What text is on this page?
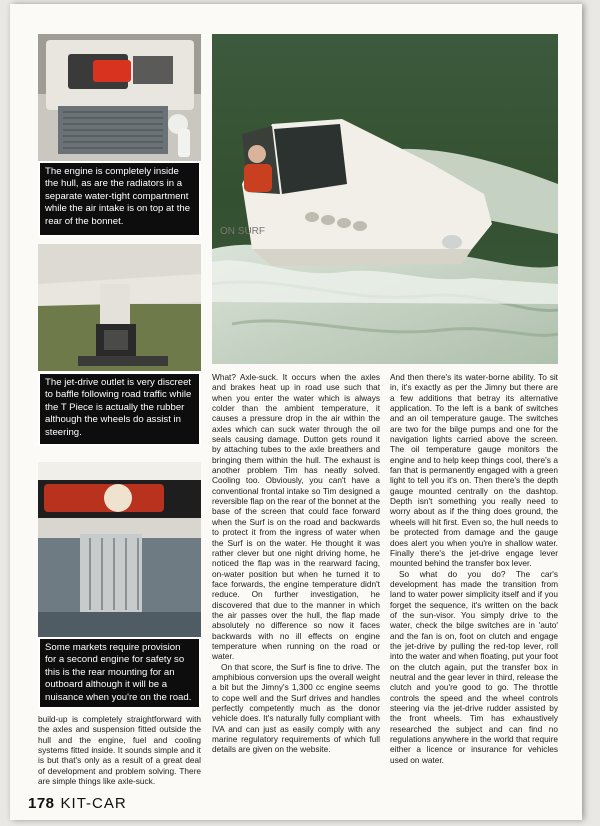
The engine is completely inside the hull, as are the radiators in a separate water-tight compartment while the air intake is on top at the rear of the bonnet.
The jet-drive outlet is very discreet to baffle following road traffic while the T Piece is actually the rubber although the wheels do assist in steering.
Some markets require provision for a second engine for safety so this is the rear mounting for an outboard although it will be a nuisance when you're on the road.
ON SURF

build-up is completely straightforward with the axles and suspension fitted outside the hull and the engine, fuel and cooling systems fitted inside. It sounds simple and it is but that's only as a result of a great deal of development and problem solving. There are simple things like axle-suck.

What? Axle-suck. It occurs when the axles and brakes heat up in road use such that when you enter the water which is always colder than the ambient temperature, it causes a pressure drop in the air within the axles which can suck water through the oil seals causing damage. Dutton gets round it by attaching tubes to the axle breathers and bringing them within the hull. The exhaust is another problem Tim has neatly solved. Cooling too. Obviously, you can't have a conventional frontal intake so Tim designed a reversible flap on the rear of the bonnet at the base of the screen that could face forward when the Surf is on the road and backwards to protect it from the ingress of water when the Surf is on the water. He thought it was rather clever but one night driving home, he noticed the flap was in the rearward facing, on-water position but when he turned it to face forwards, the engine temperature didn't reduce. On further investigation, he discovered that due to the manner in which the air passes over the hull, the flap made absolutely no difference so now it faces backwards with no ill effects on engine temperature when running on the road or water.

On that score, the Surf is fine to drive. The amphibious conversion ups the overall weight a bit but the Jimny's 1,300 cc engine seems to cope well and the Surf drives and handles perfectly competently much as the donor vehicle does. It's naturally fully compliant with IVA and can just as easily comply with any marine regulatory requirements of which full details are given on the website.

And then there's its water-borne ability. To sit in, it's exactly as per the Jimny but there are a few additions that betray its alternative application. To the left is a bank of switches and an oil temperature gauge. The switches are two for the bilge pumps and one for the navigation lights carried above the screen. The oil temperature gauge monitors the engine and to help keep things cool, there's a fan that is permanently engaged with a green light to tell you it's on. Then there's the depth gauge mounted centrally on the dashtop. Depth isn't something you really need to worry about as if the thing does ground, the wheels will hit first. Even so, the hull needs to be protected from damage and the gauge does alert you when you're in shallow water. Finally there's the jet-drive engage lever mounted behind the transfer box lever.

So what do you do? The car's development has made the transition from land to water power simplicity itself and if you forget the sequence, it's written on the back of the sun-visor. You simply drive to the water, check the bilge switches are in 'auto' and the fan is on, foot on clutch and engage the jet-drive by pulling the red-top lever, roll into the water and when floating, put your foot on the clutch again, put the transfer box in neutral and the gear lever in third, release the clutch and you're good to go. The throttle controls the speed and the wheel controls steering via the jet-drive rudder assisted by the front wheels. Tim has exhaustively researched the subject and can find no regulations anywhere in the world that require either a licence or insurance for vehicles used on water.

178 KIT-CAR
